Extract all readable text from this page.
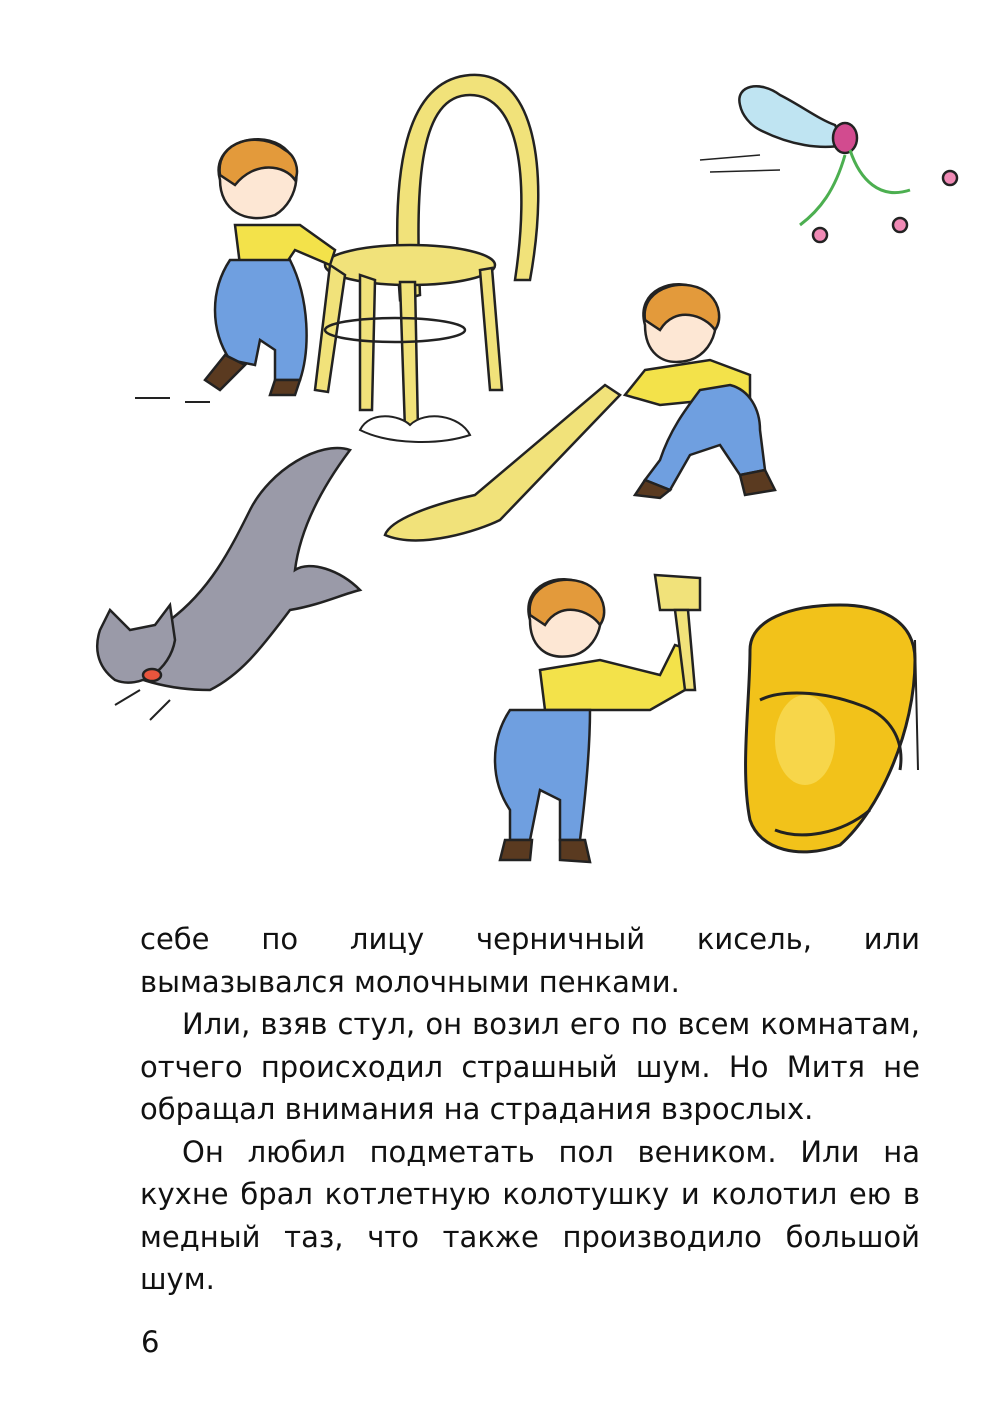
себе по лицу черничный кисель, или вымазывался молочными пенками.

Или, взяв стул, он возил его по всем комнатам, отчего происходил страшный шум. Но Митя не обращал внимания на страдания взрослых.

Он любил подметать пол веником. Или на кухне брал котлетную колотушку и колотил ею в медный таз, что также производило большой шум.

6
